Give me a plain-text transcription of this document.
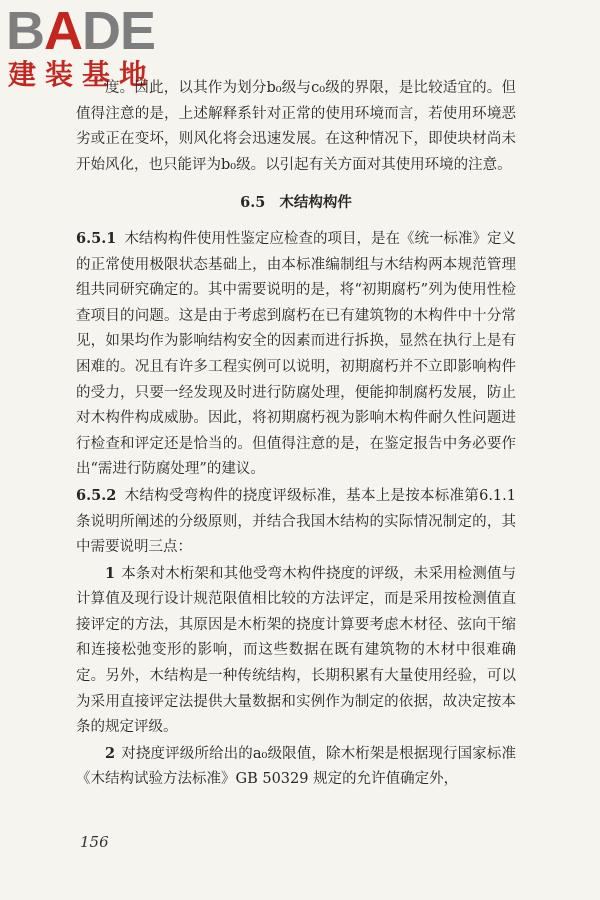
BADE
建装基地

度。因此，以其作为划分b₀级与c₀级的界限，是比较适宜的。但值得注意的是，上述解释系针对正常的使用环境而言，若使用环境恶劣或正在变坏，则风化将会迅速发展。在这种情况下，即使块材尚未开始风化，也只能评为b₀级。以引起有关方面对其使用环境的注意。

6.5 木结构构件

6.5.1 木结构构件使用性鉴定应检查的项目，是在《统一标准》定义的正常使用极限状态基础上，由本标准编制组与木结构两本规范管理组共同研究确定的。其中需要说明的是，将“初期腐朽”列为使用性检查项目的问题。这是由于考虑到腐朽在已有建筑物的木构件中十分常见，如果均作为影响结构安全的因素而进行拆换，显然在执行上是有困难的。况且有许多工程实例可以说明，初期腐朽并不立即影响构件的受力，只要一经发现及时进行防腐处理，便能抑制腐朽发展，防止对木构件构成威胁。因此，将初期腐朽视为影响木构件耐久性问题进行检查和评定还是恰当的。但值得注意的是，在鉴定报告中务必要作出“需进行防腐处理”的建议。

6.5.2 木结构受弯构件的挠度评级标准，基本上是按本标准第6.1.1条说明所阐述的分级原则，并结合我国木结构的实际情况制定的，其中需要说明三点：

1 本条对木桁架和其他受弯木构件挠度的评级，未采用检测值与计算值及现行设计规范限值相比较的方法评定，而是采用按检测值直接评定的方法，其原因是木桁架的挠度计算要考虑木材径、弦向干缩和连接松弛变形的影响，而这些数据在既有建筑物的木材中很难确定。另外，木结构是一种传统结构，长期积累有大量使用经验，可以为采用直接评定法提供大量数据和实例作为制定的依据，故决定按本条的规定评级。

2 对挠度评级所给出的a₀级限值，除木桁架是根据现行国家标准《木结构试验方法标准》GB 50329 规定的允许值确定外，

156
